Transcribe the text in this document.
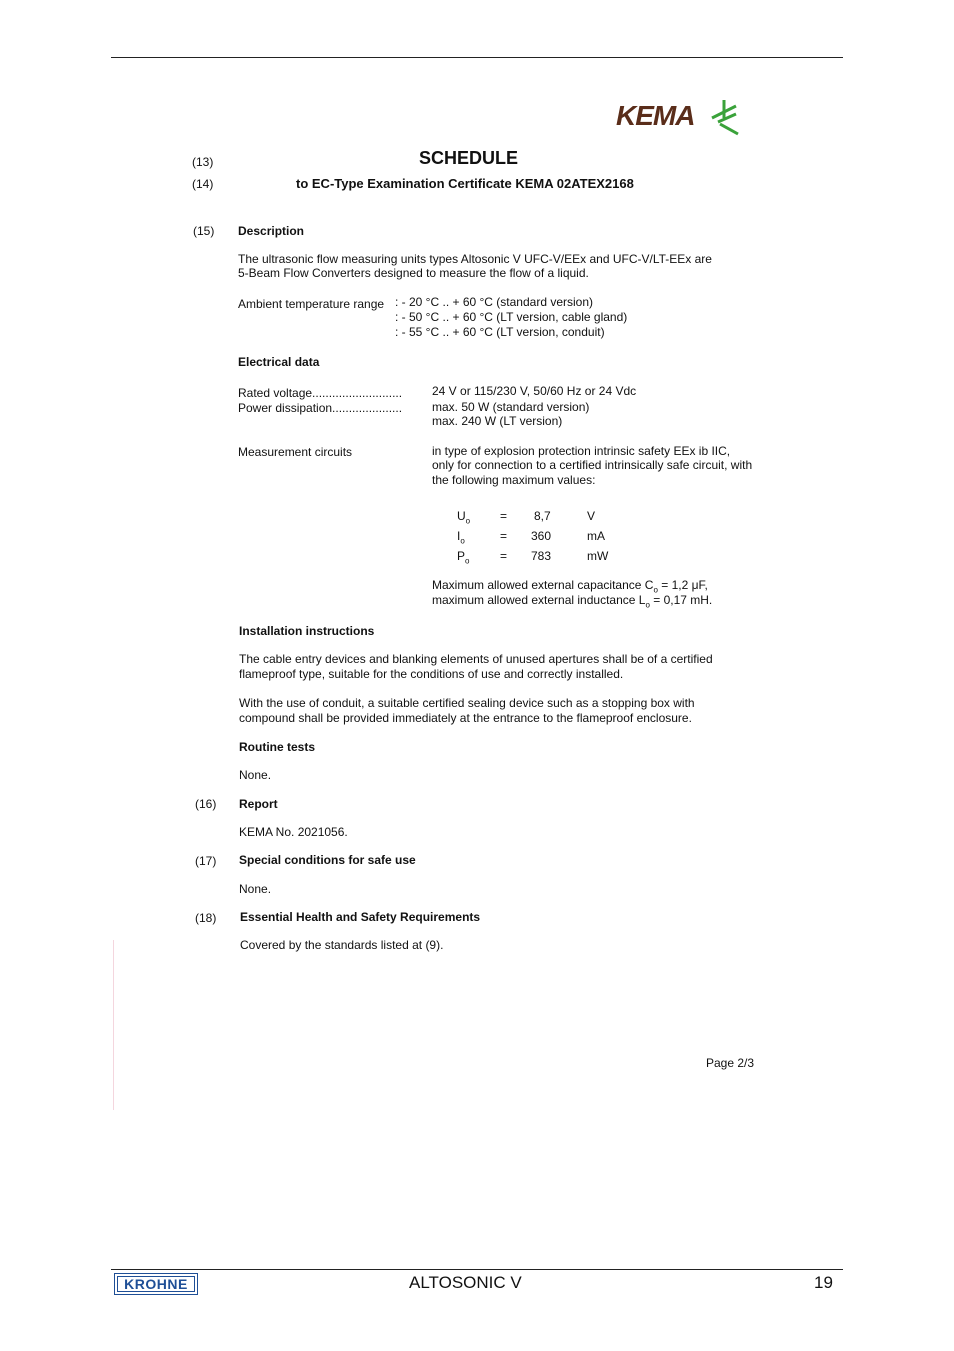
KEMA
(13)	SCHEDULE
(14)	to EC-Type Examination Certificate KEMA 02ATEX2168
(15) Description
The ultrasonic flow measuring units types Altosonic V UFC-V/EEx and UFC-V/LT-EEx are
5-Beam Flow Converters designed to measure the flow of a liquid.
Ambient temperature range : - 20 °C .. + 60 °C (standard version)
: - 50 °C .. + 60 °C (LT version, cable gland)
: - 55 °C .. + 60 °C (LT version, conduit)
Electrical data
Rated voltage........................... 24 V or 115/230 V, 50/60 Hz or 24 Vdc
Power dissipation..................... max. 50 W (standard version)
max. 240 W (LT version)
Measurement circuits	in type of explosion protection intrinsic safety EEx ib IIC,
only for connection to a certified intrinsically safe circuit, with
the following maximum values:
$U_o = 8,7$	V
$I_o$	= 360	mA
$P_o$	= 783	mW
Maximum allowed external capacitance $C_o = 1,2$ μF,
maximum allowed external inductance $L_o = 0,17$ mH.
Installation instructions
The cable entry devices and blanking elements of unused apertures shall be of a certified
flameproof type, suitable for the conditions of use and correctly installed.
With the use of conduit, a suitable certified sealing device such as a stopping box with
compound shall be provided immediately at the entrance to the flameproof enclosure.
Routine tests
None.
(16) Report
KEMA No. 2021056.
(17) Special conditions for safe use
None.
(18) Essential Health and Safety Requirements
Covered by the standards listed at (9).
Page 2/3
KROHNE	ALTOSONIC V	19
